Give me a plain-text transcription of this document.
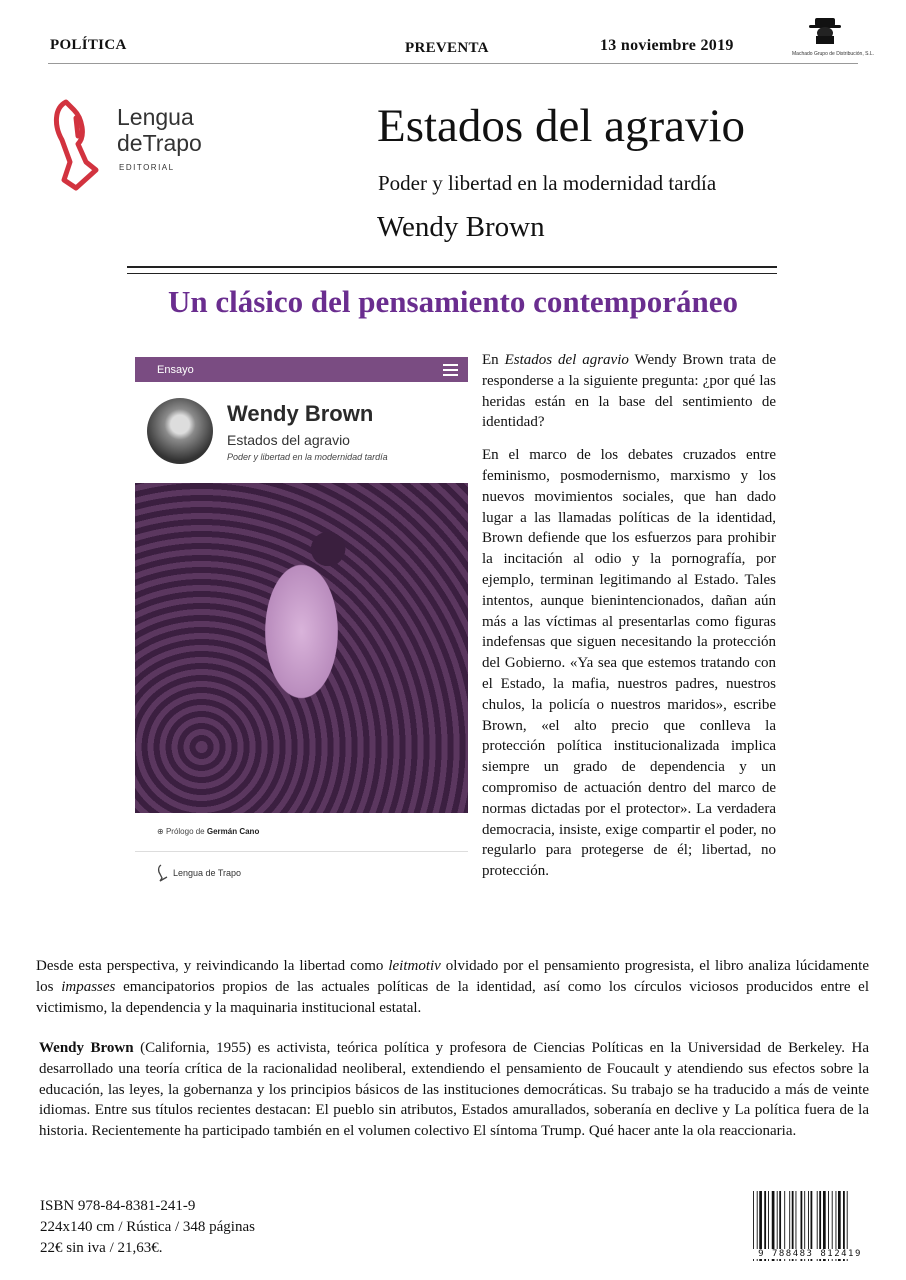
POLÍTICA	PREVENTA	13 noviembre 2019	Machado Grupo de Distribución, S.L.
Lengua
deTrapo
EDITORIAL
Estados del agravio
Poder y libertad en la modernidad tardía
Wendy Brown
Un clásico del pensamiento contemporáneo
Ensayo
Wendy Brown
Estados del agravio
Poder y libertad en la modernidad tardía
⊕ Prólogo de Germán Cano
Lengua de Trapo

En Estados del agravio Wendy Brown trata de responderse a la siguiente pregunta: ¿por qué las heridas están en la base del sentimiento de identidad?

En el marco de los debates cruzados entre feminismo, posmodernismo, marxismo y los nuevos movimientos sociales, que han dado lugar a las llamadas políticas de la identidad, Brown defiende que los esfuerzos para prohibir la incitación al odio y la pornografía, por ejemplo, terminan legitimando al Estado. Tales intentos, aunque bienintencionados, dañan aún más a las víctimas al presentarlas como figuras indefensas que siguen necesitando la protección del Gobierno. «Ya sea que estemos tratando con el Estado, la mafia, nuestros padres, nuestros chulos, la policía o nuestros maridos», escribe Brown, «el alto precio que conlleva la protección política institucionalizada implica siempre un grado de dependencia y un compromiso de actuación dentro del marco de normas dictadas por el protector». La verdadera democracia, insiste, exige compartir el poder, no regularlo para protegerse de él; libertad, no protección.

Desde esta perspectiva, y reivindicando la libertad como leitmotiv olvidado por el pensamiento progresista, el libro analiza lúcidamente los impasses emancipatorios propios de las actuales políticas de la identidad, así como los círculos viciosos producidos entre el victimismo, la dependencia y la maquinaria institucional estatal.
Wendy Brown (California, 1955) es activista, teórica política y profesora de Ciencias Políticas en la Universidad de Berkeley. Ha desarrollado una teoría crítica de la racionalidad neoliberal, extendiendo el pensamiento de Foucault y atendiendo sus efectos sobre la educación, las leyes, la gobernanza y los principios básicos de las instituciones democráticas. Su trabajo se ha traducido a más de veinte idiomas. Entre sus títulos recientes destacan: El pueblo sin atributos, Estados amurallados, soberanía en declive y La política fuera de la historia. Recientemente ha participado también en el volumen colectivo El síntoma Trump. Qué hacer ante la ola reaccionaria.
ISBN 978-84-8381-241-9
224x140 cm / Rústica / 348 páginas
22€ sin iva / 21,63€.	9 788483 812419
